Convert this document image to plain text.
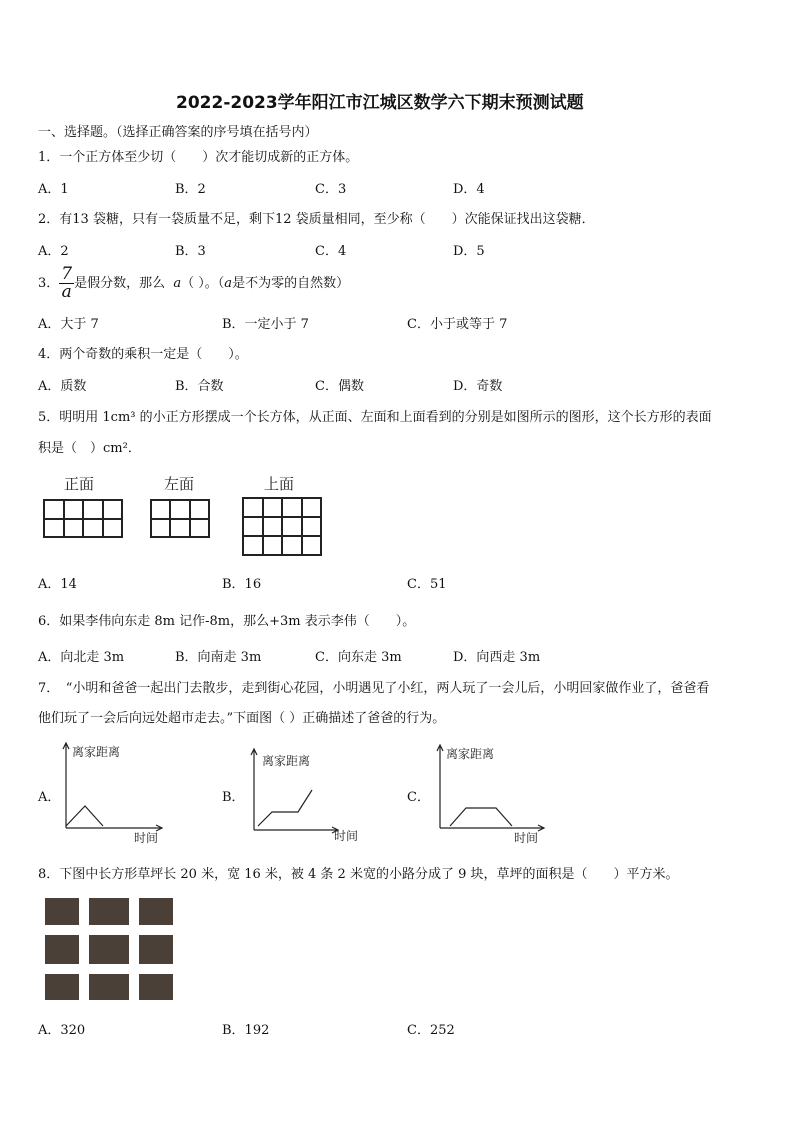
2022-2023学年阳江市江城区数学六下期末预测试题
一、选择题。（选择正确答案的序号填在括号内）
1．一个正方体至少切（　　）次才能切成新的正方体。
A．1	B．2	C．3	D．4
2．有13 袋糖，只有一袋质量不足，剩下12 袋质量相同，至少称（　　）次能保证找出这袋糖．
A．2	B．3	C．4	D．5
3． $\frac{7}{a}$ 是假分数，那么 a（ ）。（a是不为零的自然数）
A．大于 7	B．一定小于 7	C．小于或等于 7
4．两个奇数的乘积一定是（　　）。
A．质数	B．合数	C．偶数	D．奇数
5．明明用 1cm³ 的小正方形摆成一个长方体，从正面、左面和上面看到的分别是如图所示的图形，这个长方形的表面
积是（　）cm²．
正面	左面	上面
A．14	B．16	C．51
6．如果李伟向东走 8m 记作-8m，那么+3m 表示李伟（　　）。
A．向北走 3m	B．向南走 3m	C．向东走 3m	D．向西走 3m
7．　“小明和爸爸一起出门去散步，走到街心花园，小明遇见了小红，两人玩了一会儿后，小明回家做作业了，爸爸看
他们玩了一会后向远处超市走去。”下面图（ ）正确描述了爸爸的行为。
A．	B．	C．
离家距离
时间
离家距离
时间
离家距离
时间
8．下图中长方形草坪长 20 米，宽 16 米，被 4 条 2 米宽的小路分成了 9 块，草坪的面积是（　　）平方米。
A．320	B．192	C．252
